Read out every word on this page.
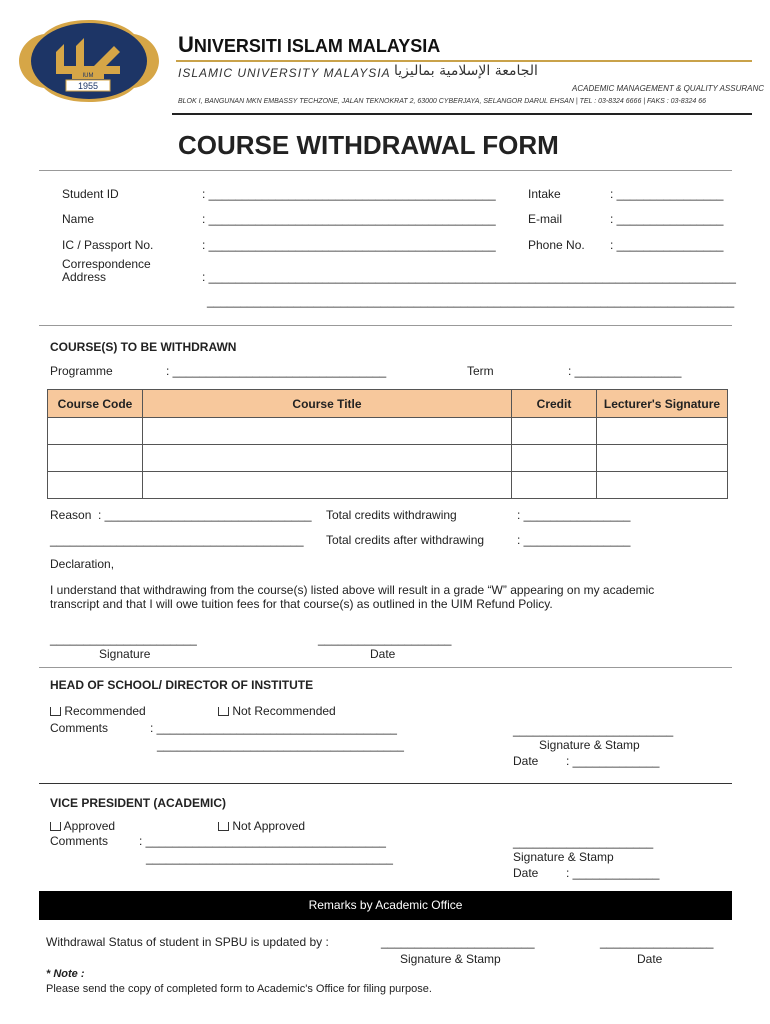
IUM
1955
UNIVERSITI ISLAM MALAYSIA
ISLAMIC UNIVERSITY MALAYSIA الجامعة الإسلامية بماليزيا
ACADEMIC MANAGEMENT & QUALITY ASSURANC
BLOK I, BANGUNAN MKN EMBASSY TECHZONE, JALAN TEKNOKRAT 2, 63000 CYBERJAYA, SELANGOR DARUL EHSAN | TEL : 03-8324 6666 | FAKS : 03-8324 66
COURSE WITHDRAWAL FORM
Student ID	: ___________________________________________	Intake	: ________________
Name	: ___________________________________________	E-mail	: ________________
IC / Passport No.	: ___________________________________________	Phone No. : ________________
Correspondence
Address	: _______________________________________________________________________________
_______________________________________________________________________________
COURSE(S) TO BE WITHDRAWN
Programme	: ________________________________	Term	: ________________
Course Code	Course Title	Credit	Lecturer's Signature

Reason : _______________________________
______________________________________
Total credits withdrawing	: ________________
Total credits after withdrawing	: ________________
Declaration,
I understand that withdrawing from the course(s) listed above will result in a grade “W” appearing on my academic
transcript and that I will owe tuition fees for that course(s) as outlined in the UIM Refund Policy.
______________________	____________________
Signature	Date
HEAD OF SCHOOL/ DIRECTOR OF INSTITUTE
Recommended	Not Recommended
Comments	: ____________________________________
_____________________________________
________________________
Signature & Stamp
Date : _____________
VICE PRESIDENT (ACADEMIC)
Approved	Not Approved
Comments	: ____________________________________
_____________________________________
_____________________
Signature & Stamp
Date : _____________
Remarks by Academic Office
Withdrawal Status of student in SPBU is updated by :	_______________________	_________________
Signature & Stamp	Date
* Note :
Please send the copy of completed form to Academic's Office for filing purpose.
